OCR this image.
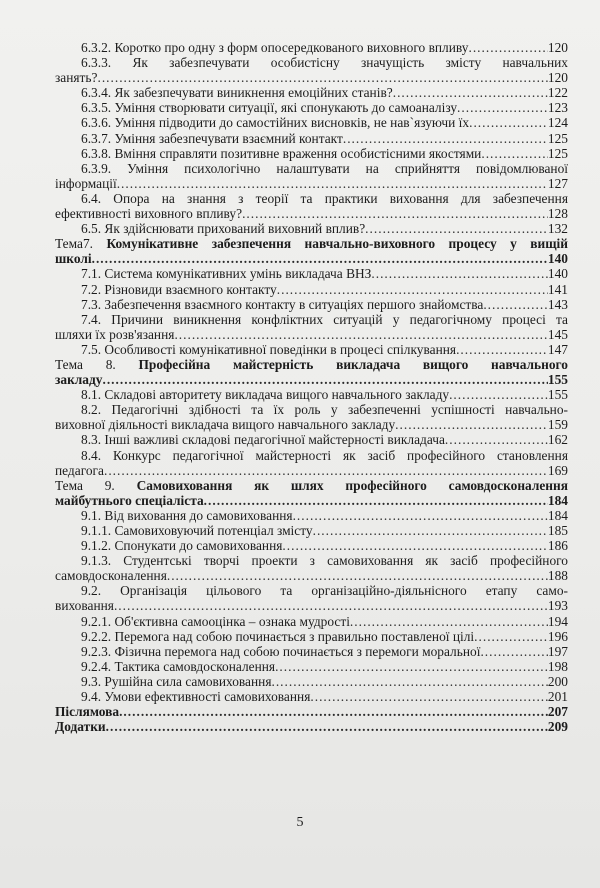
6.3.2. Коротко про одну з форм опосередкованого виховного впливу .....	120
6.3.3. Як забезпечувати особистісну значущість змісту навчальних
занять? .....	120
6.3.4. Як забезпечувати виникнення емоційних станів? .....	122
6.3.5. Уміння створювати ситуації, які спонукають до самоаналізу .....	123
6.3.6. Уміння підводити до самостійних висновків, не нав`язуючи їх .....	124
6.3.7. Уміння забезпечувати взаємний контакт .....	125
6.3.8. Вміння справляти позитивне враження особистісними якостями .....	125
6.3.9. Уміння психологічно налаштувати на сприйняття повідомлюваної
інформації .....	127
6.4. Опора на знання з теорії та практики виховання для забезпечення
ефективності виховного впливу? .....	128
6.5. Як здійснювати прихований виховний вплив? .....	132
Тема7. Комунікативне забезпечення навчально-виховного процесу у вищій
школі .....	140
7.1. Система комунікативних умінь викладача ВНЗ .....	140
7.2. Різновиди взаємного контакту .....	141
7.3. Забезпечення взаємного контакту в ситуаціях першого знайомства .....	143
7.4. Причини виникнення конфліктних ситуацій у педагогічному процесі та
шляхи їх розв'язання .....	145
7.5. Особливості комунікативної поведінки в процесі спілкування .....	147
Тема 8. Професійна майстерність викладача вищого навчального
закладу .....	155
8.1. Складові авторитету викладача вищого навчального закладу .....	155
8.2. Педагогічні здібності та їх роль у забезпеченні успішності навчально-
виховної діяльності викладача вищого навчального закладу .....	159
8.3. Інші важливі складові педагогічної майстерності викладача .....	162
8.4. Конкурс педагогічної майстерності як засіб професійного становлення
педагога .....	169
Тема 9. Самовиховання як шлях професійного самовдосконалення
майбутнього спеціаліста .....	184
9.1. Від виховання до самовиховання .....	184
9.1.1. Самовиховуючий потенціал змісту .....	185
9.1.2. Спонукати до самовиховання .....	186
9.1.3. Студентські творчі проекти з самовиховання як засіб професійного
самовдосконалення .....	188
9.2. Організація цільового та організаційно-діяльнісного етапу само-
виховання .....	193
9.2.1. Об'єктивна самооцінка – ознака мудрості .....	194
9.2.2. Перемога над собою починається з правильно поставленої цілі .....	196
9.2.3. Фізична перемога над собою починається з перемоги моральної .....	197
9.2.4. Тактика самовдосконалення .....	198
9.3. Рушійна сила самовиховання .....	200
9.4. Умови ефективності самовиховання .....	201
Післямова .....	207
Додатки .....	209
5
